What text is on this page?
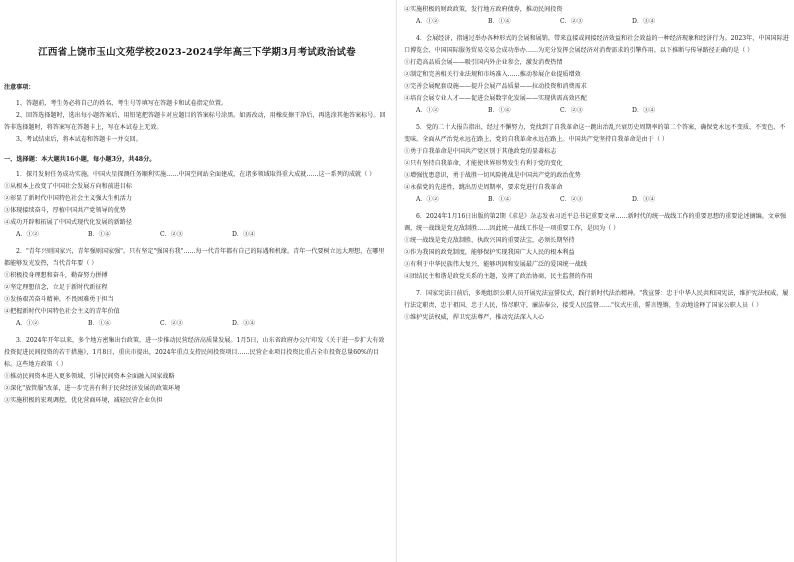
江西省上饶市玉山文苑学校2023-2024学年高三下学期3月考试政治试卷

注意事项：

1、答题前，考生务必将自己的姓名、考生号等填写在答题卡和试卷指定位置。

2、回答选择题时，选出每小题答案后，用铅笔把答题卡对应题目的答案标号涂黑。如需改动，用橡皮擦干净后，再选涂其他答案标号。回答非选择题时，将答案写在答题卡上，写在本试卷上无效。

3、考试结束后，将本试卷和答题卡一并交回。

一、选择题：本大题共16小题，每小题3分，共48分。

1．探月发射任务成功实施，中国火星探测任务顺利实施……中国空间站全面建成，在诸多领域取得重大成就……这一系列的成就（ ）

①从根本上改变了中国社会发展方向和前进目标

②彰显了新时代中国特色社会主义强大生机活力

③体现接续奋斗，厚植中国共产党领导的优势

④成功开辟和拓展了中国式现代化发展的新路径

A．①②	B．①④	C．②③	D．③④

2．"青年兴则国家兴，青年强则国家强"。只有坚定"强国有我"……每一代青年都有自己的际遇和机缘。青年一代要树立远大理想，在哪里都能够发光发热，当代青年要（ ）

①积极投身理想和奋斗，勤奋努力拼搏

②坚定理想信念，立足于新时代新征程

③发扬艰苦奋斗精神，不畏困难勇于担当

④把握新时代中国特色社会主义的青年价值

A．①②	B．①④	C．②③	D．③④

3．2024年开年以来，多个地方密集出台政策，进一步推动民营经济高质量发展。1月5日，山东省政府办公厅印发《关于进一步扩大有效投资促进民间投资的若干措施》，1月8日，重庆市提出，2024年重点支持民间投资项目……民营企业项目投资比重占全市投资总量60%的目标。这些地方政策（ ）

①推动民间资本进入更多领域，引导民间资本全面融入国家战略

②深化"放管服"改革，进一步完善有利于民营经济发展的政策环境

③实施积极的宏观调控，优化营商环境，减轻民营企业负担

④实施积极的财政政策，发行地方政府债券，推动民间投资

A．①②	B．①④	C．②③	D．③④

4．会展经济，指通过举办各种形式的会展和展销，带来直接或间接经济效益和社会效益的一种经济现象和经济行为。2023年，中国国际进口博览会、中国国际服务贸易交易会成功举办……为充分发挥会展经济对消费需求的引擎作用，以下推断与传导路径正确的是（ ）

①打造高品质会展——吸引国内外企业参会，激发消费热情

②制定和完善相关行业法规和市场准入……推动参展企业提质增效

③完善会展配套设施——提升会展产品质量——拉动投资和消费需求

④培育会展专业人才——促进会展数字化发展——实现供需高效匹配

A．①②	B．①④	C．②③	D．③④

5．党的二十大报告指出，经过不懈努力，党找到了自我革命这一跳出治乱兴衰历史周期率的第二个答案，确保党永远不变质、不变色、不变味。全面从严治党永远在路上，党的自我革命永远在路上。中国共产党坚持自我革命是由于（ ）

①勇于自我革命是中国共产党区别于其他政党的显著标志

②只有坚持自我革命，才能使世界形势发生有利于党的变化

③增强忧患意识，勇于战胜一切风险挑战是中国共产党的政治优势

④永葆党的先进性，跳出历史周期率，要求党进行自我革命

A．①②	B．①④	C．②③	D．③④

6．2024年1月16日出版的第2期《求是》杂志发表习近平总书记重要文章……新时代的统一战线工作的重要思想的重要论述摘编。文章强调，统一战线是党克敌制胜……因此统一战线工作是一项重要工作，是因为（ ）

①统一战线是党克敌制胜、执政兴国的重要法宝，必须长期坚持

②作为我国的政党制度，能够保护实现我国广大人民的根本利益

③有利于中华民族伟大复兴，能够巩固和发展最广泛的爱国统一战线

④团结民主和谐是政党关系的主题，发挥了政治协商、民主监督的作用

7．国家宪法日前后，多地组织公职人员开展宪法宣誓仪式，践行新时代法治精神。"我宣誓：忠于中华人民共和国宪法，维护宪法权威，履行法定职责，忠于祖国、忠于人民，恪尽职守，廉洁奉公，接受人民监督……"仪式庄重，誓言铿锵，生动地诠释了国家公职人员（ ）

①维护宪法权威，捍卫宪法尊严，推动宪法深入人心
